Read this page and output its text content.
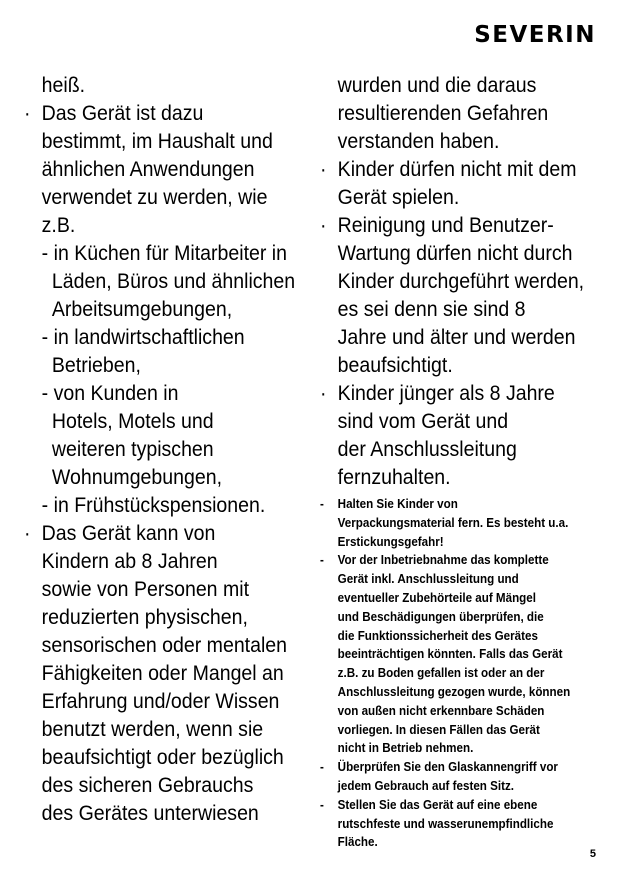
SEVERIN
heiß.
· Das Gerät ist dazu
bestimmt, im Haushalt und
ähnlichen Anwendungen
verwendet zu werden, wie
z.B.
- in Küchen für Mitarbeiter in
Läden, Büros und ähnlichen
Arbeitsumgebungen,
- in landwirtschaftlichen
Betrieben,
- von Kunden in
Hotels, Motels und
weiteren typischen
Wohnumgebungen,
- in Frühstückspensionen.
· Das Gerät kann von
Kindern ab 8 Jahren
sowie von Personen mit
reduzierten physischen,
sensorischen oder mentalen
Fähigkeiten oder Mangel an
Erfahrung und/oder Wissen
benutzt werden, wenn sie
beaufsichtigt oder bezüglich
des sicheren Gebrauchs
des Gerätes unterwiesen
wurden und die daraus
resultierenden Gefahren
verstanden haben.
· Kinder dürfen nicht mit dem
Gerät spielen.
· Reinigung und Benutzer-
Wartung dürfen nicht durch
Kinder durchgeführt werden,
es sei denn sie sind 8
Jahre und älter und werden
beaufsichtigt.
· Kinder jünger als 8 Jahre
sind vom Gerät und
der Anschlussleitung
fernzuhalten.
- Halten Sie Kinder von
Verpackungsmaterial fern. Es besteht u.a.
Erstickungsgefahr!
- Vor der Inbetriebnahme das komplette
Gerät inkl. Anschlussleitung und
eventueller Zubehörteile auf Mängel
und Beschädigungen überprüfen, die
die Funktionssicherheit des Gerätes
beeinträchtigen könnten. Falls das Gerät
z.B. zu Boden gefallen ist oder an der
Anschlussleitung gezogen wurde, können
von außen nicht erkennbare Schäden
vorliegen. In diesen Fällen das Gerät
nicht in Betrieb nehmen.
- Überprüfen Sie den Glaskannengriff vor
jedem Gebrauch auf festen Sitz.
- Stellen Sie das Gerät auf eine ebene
rutschfeste und wasserunempfindliche
Fläche.
5
